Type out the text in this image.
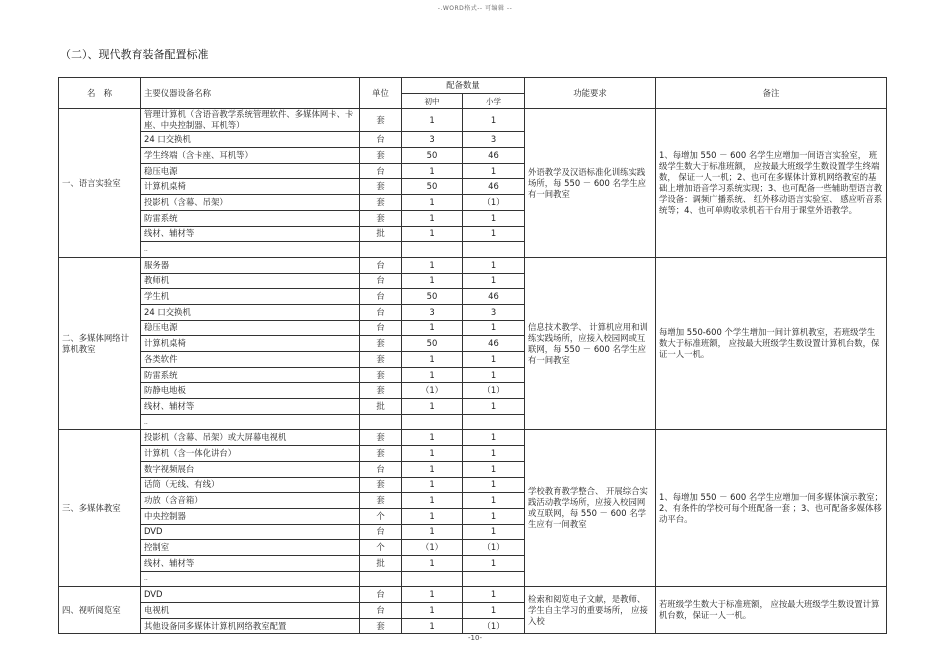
-.WORD格式-- 可编辑 --
（二）、现代教育装备配置标准
名　称	主要仪器设备名称	单位	配备数量		功能要求	备注
			初中	小学		
一、语言实验室	管理计算机（含语音教学系统管理软件、多媒体网卡、卡座、中央控制器、耳机等）	套	1	1	外语教学及汉语标准化训练实践场所，每 550 － 600 名学生应有一间教室	1、每增加 550 － 600 名学生应增加一间语言实验室， 班级学生数大于标准班额， 应按最大班级学生数设置学生终端数， 保证一人一机；2、也可在多媒体计算机网络教室的基础上增加语音学习系统实现；3、也可配备一些辅助型语言教学设备：调频广播系统、 红外移动语言实验室、 感应听音系统等；4、也可单购收录机若干台用于课堂外语教学。
	24 口交换机	台	3	3		
	学生终端（含卡座、耳机等）	套	50	46		
	稳压电源	台	1	1		
	计算机桌椅	套	50	46		
	投影机（含幕、吊架）	套	1	（1）		
	防雷系统	套	1	1		
	线材、辅材等	批	1	1		
	..					
二、多媒体网络计算机教室	服务器	台	1	1	信息技术教学、 计算机应用和训练实践场所，应接入校园网或互联网，每 550 － 600 名学生应有一间教室	每增加 550-600 个学生增加一间计算机教室，若班级学生数大于标准班额， 应按最大班级学生数设置计算机台数，保证一人一机。
	教师机	台	1	1		
	学生机	台	50	46		
	24 口交换机	台	3	3		
	稳压电源	台	1	1		
	计算机桌椅	套	50	46		
	各类软件	套	1	1		
	防雷系统	套	1	1		
	防静电地板	套	（1）	（1）		
	线材、辅材等	批	1	1		
	..					
三、多媒体教室	投影机（含幕、吊架）或大屏幕电视机	套	1	1	学校教育教学整合、 开展综合实践活动教学场所，应接入校园网或互联网，每 550 － 600 名学生应有一间教室	1、每增加 550 － 600 名学生应增加一间多媒体演示教室；2、有条件的学校可每个班配备一套 ；3、也可配备多媒体移动平台。
	计算机（含一体化讲台）	套	1	1		
	数字视频展台	台	1	1		
	话筒（无线、有线）	套	1	1		
	功放（含音箱）	套	1	1		
	中央控制器	个	1	1		
	DVD	台	1	1		
	控制室	个	（1）	（1）		
	线材、辅材等	批	1	1		
	..					
四、视听阅览室	DVD	台	1	1	检索和阅览电子文献，是教师、 学生自主学习的重要场所， 应接入校	若班级学生数大于标准班额， 应按最大班级学生数设置计算机台数，保证一人一机。
	电视机	台	1	1		
	其他设备同多媒体计算机网络教室配置	套	1	（1）		
-10-
